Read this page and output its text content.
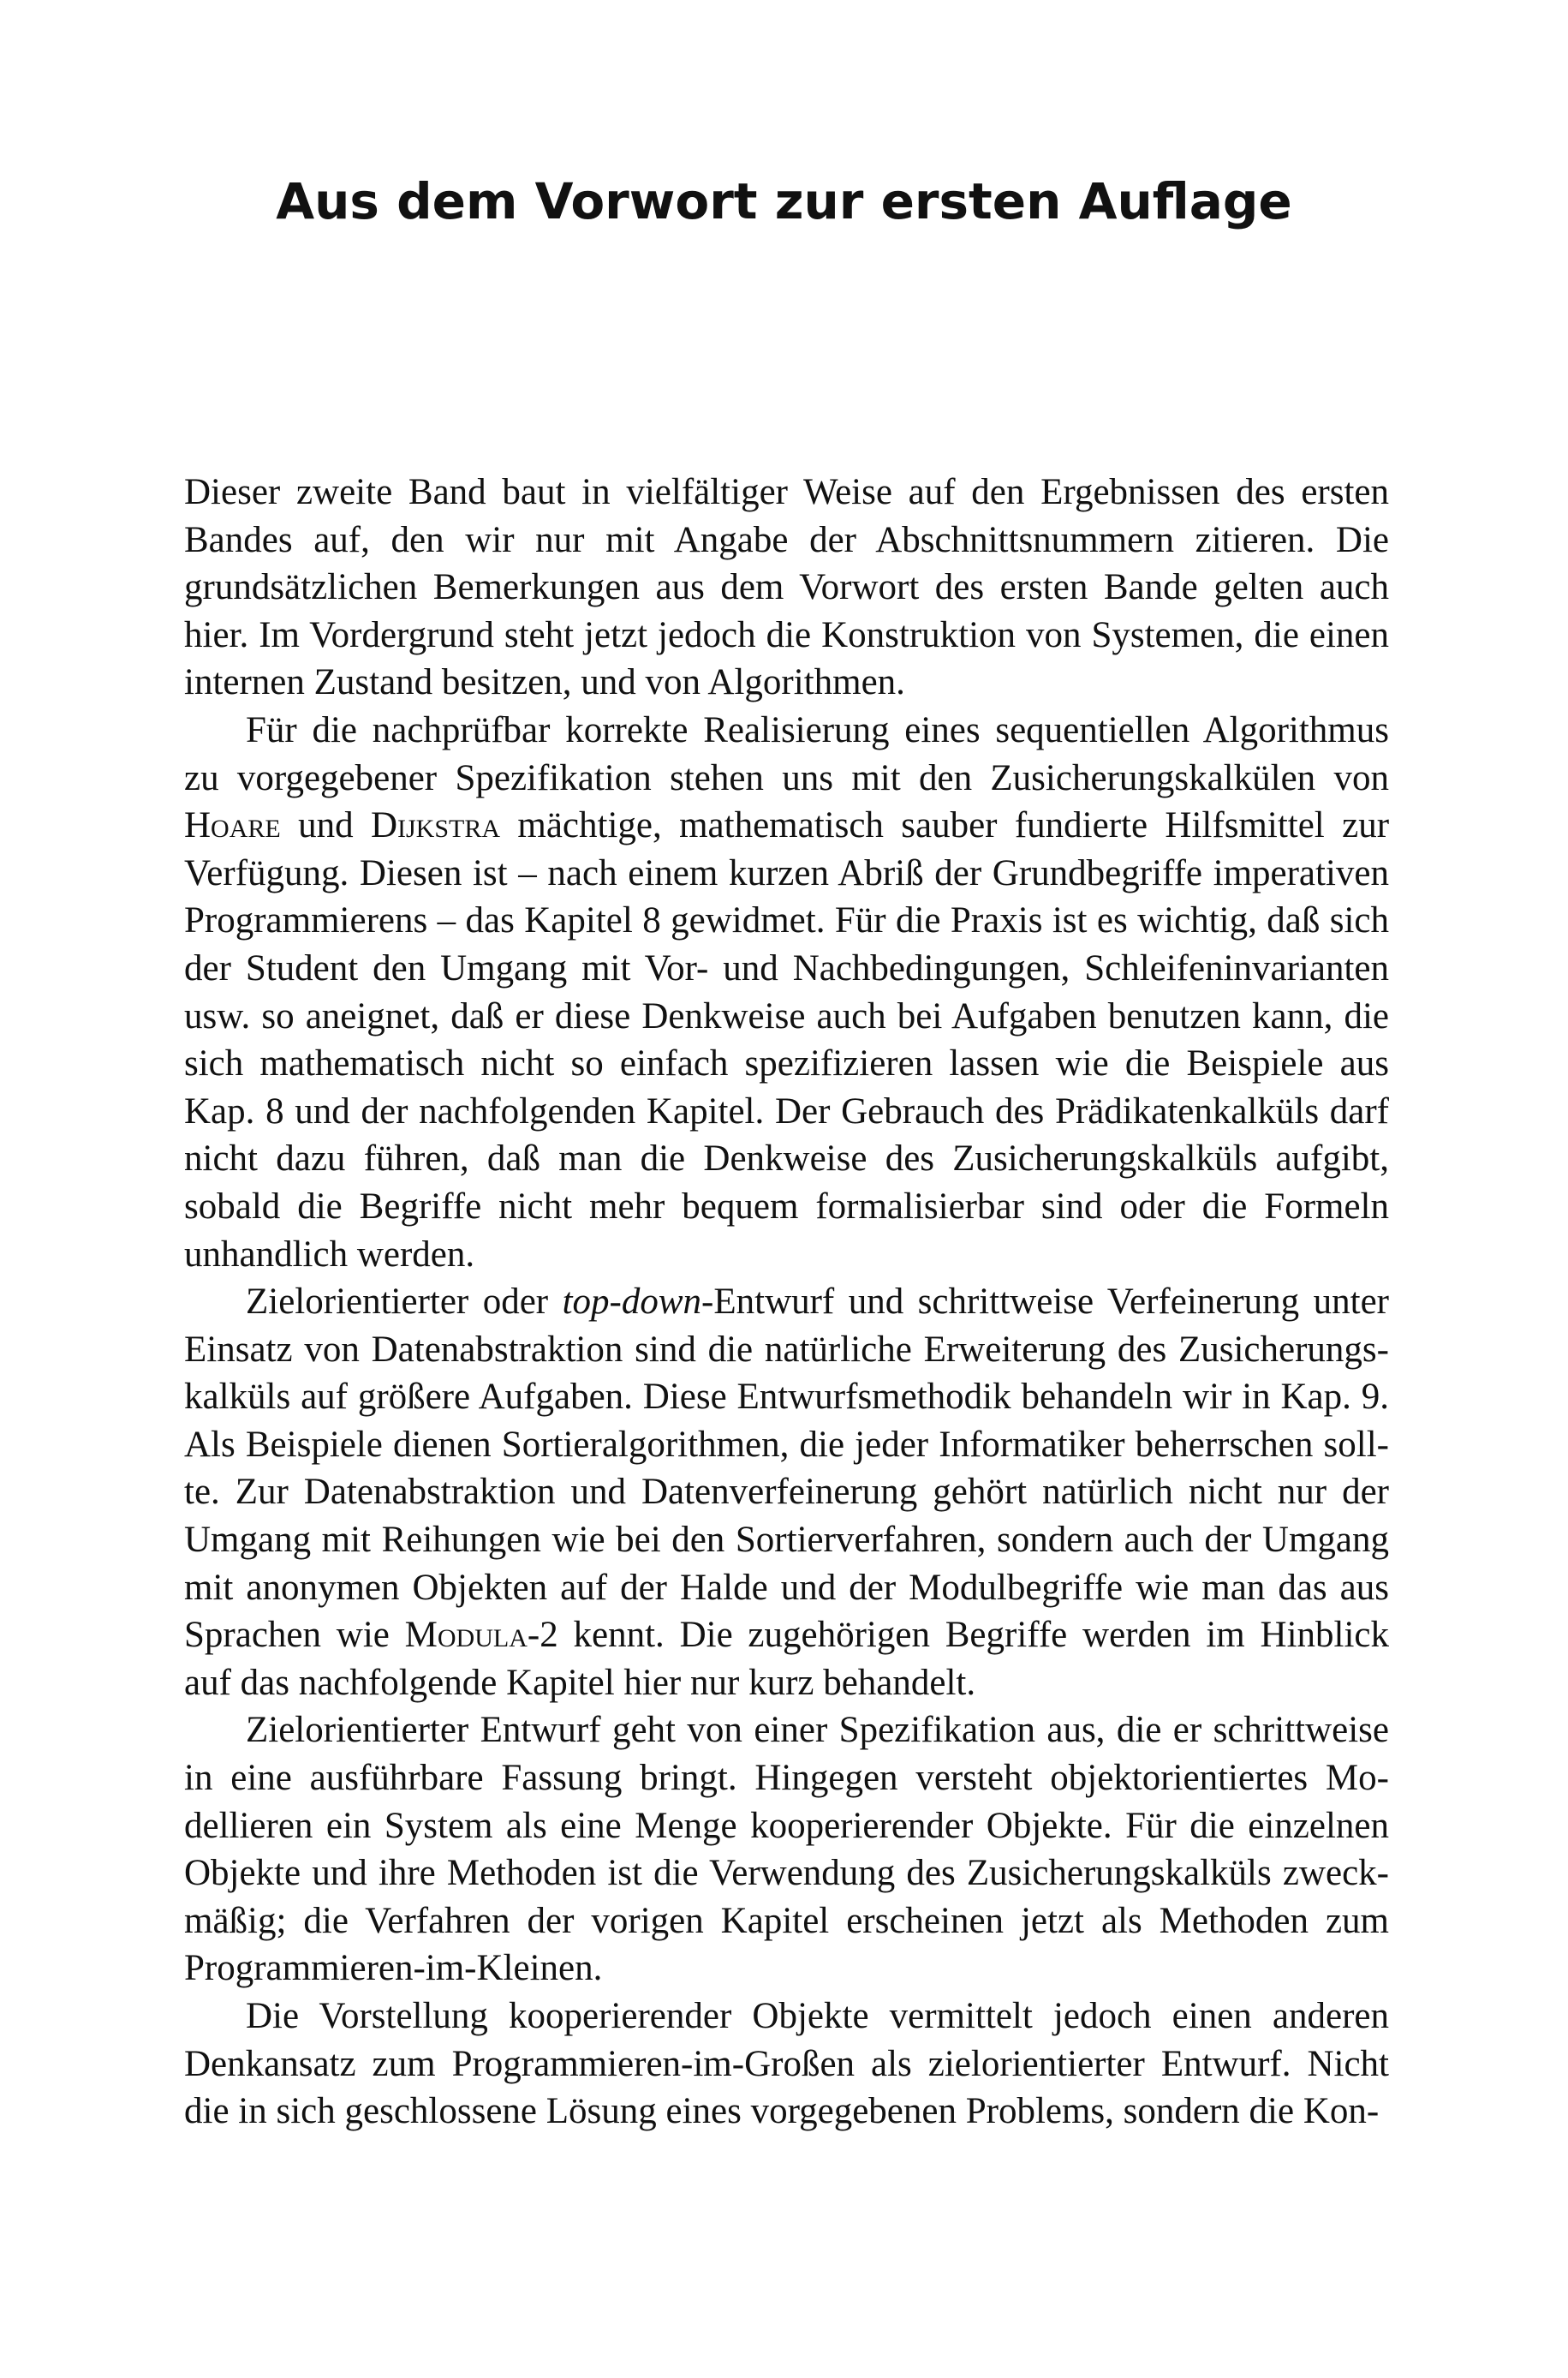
Aus dem Vorwort zur ersten Auflage

Dieser zweite Band baut in vielfältiger Weise auf den Ergebnissen des ersten Bandes auf, den wir nur mit Angabe der Abschnittsnummern zitieren. Die grundsätzlichen Bemerkungen aus dem Vorwort des ersten Bande gelten auch hier. Im Vordergrund steht jetzt jedoch die Konstruktion von Systemen, die einen internen Zustand besitzen, und von Algorithmen.

Für die nachprüfbar korrekte Realisierung eines sequentiellen Algorithmus zu vorgegebener Spezifikation stehen uns mit den Zusicherungskalkülen von Hoare und Dijkstra mächtige, mathematisch sauber fundierte Hilfsmittel zur Verfügung. Diesen ist – nach einem kurzen Abriß der Grundbegriffe imperativen Programmierens – das Kapitel 8 gewidmet. Für die Praxis ist es wichtig, daß sich der Student den Umgang mit Vor- und Nachbedingungen, Schleifeninvarianten usw. so aneignet, daß er diese Denkweise auch bei Aufgaben benutzen kann, die sich mathematisch nicht so einfach spezifizieren lassen wie die Beispiele aus Kap. 8 und der nachfolgenden Kapitel. Der Gebrauch des Prädikatenkalküls darf nicht dazu führen, daß man die Denkweise des Zusicherungskalküls aufgibt, sobald die Begriffe nicht mehr bequem formalisierbar sind oder die Formeln unhandlich werden.

Zielorientierter oder top-down-Entwurf und schrittweise Verfeinerung unter Einsatz von Datenabstraktion sind die natürliche Erweiterung des Zusicherungskalküls auf größere Aufgaben. Diese Entwurfsmethodik behandeln wir in Kap. 9. Als Beispiele dienen Sortieralgorithmen, die jeder Informatiker beherrschen sollte. Zur Datenabstraktion und Datenverfeinerung gehört natürlich nicht nur der Umgang mit Reihungen wie bei den Sortierverfahren, sondern auch der Umgang mit anonymen Objekten auf der Halde und der Modulbegriffe wie man das aus Sprachen wie Modula-2 kennt. Die zugehörigen Begriffe werden im Hinblick auf das nachfolgende Kapitel hier nur kurz behandelt.

Zielorientierter Entwurf geht von einer Spezifikation aus, die er schrittweise in eine ausführbare Fassung bringt. Hingegen versteht objektorientiertes Modellieren ein System als eine Menge kooperierender Objekte. Für die einzelnen Objekte und ihre Methoden ist die Verwendung des Zusicherungskalküls zweckmäßig; die Verfahren der vorigen Kapitel erscheinen jetzt als Methoden zum Programmieren-im-Kleinen.

Die Vorstellung kooperierender Objekte vermittelt jedoch einen anderen Denkansatz zum Programmieren-im-Großen als zielorientierter Entwurf. Nicht die in sich geschlossene Lösung eines vorgegebenen Problems, sondern die Kon-
